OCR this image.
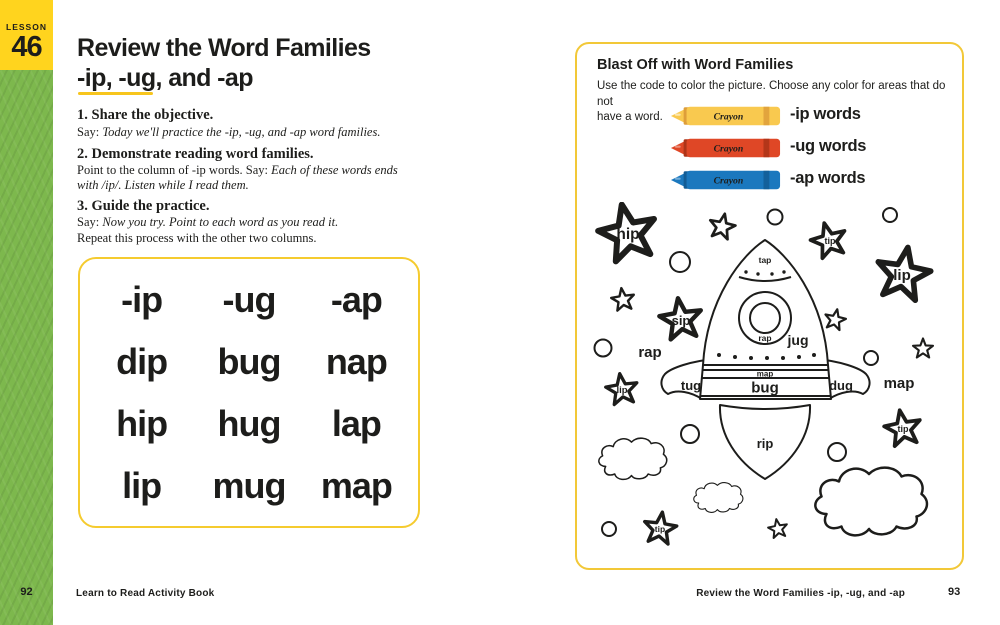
LESSON
46	Review the Word Families
-ip, -ug, and -ap
1. Share the objective.
Say: Today we'll practice the -ip, -ug, and -ap word families.
2. Demonstrate reading word families.
Point to the column of -ip words. Say: Each of these words ends
with /ip/. Listen while I read them.
3. Guide the practice.
Say: Now you try. Point to each word as you read it.
Repeat this process with the other two columns.
-ip	-ug	-ap
dip	bug	nap
hip	hug	lap
lip	mug map
92	Learn to Read Activity Book	Review the Word Families -ip, -ug, and -ap	93
Blast Off with Word Families
Use the code to color the picture. Choose any color for areas that do not
have a word.	Crayon	-ip words
Crayon	-ug words
Crayon	-ap words
hip	tip
lip
sip
lip
tip
tip
rap
map
tap
rap jug
map
bug
tug	dug
rip
